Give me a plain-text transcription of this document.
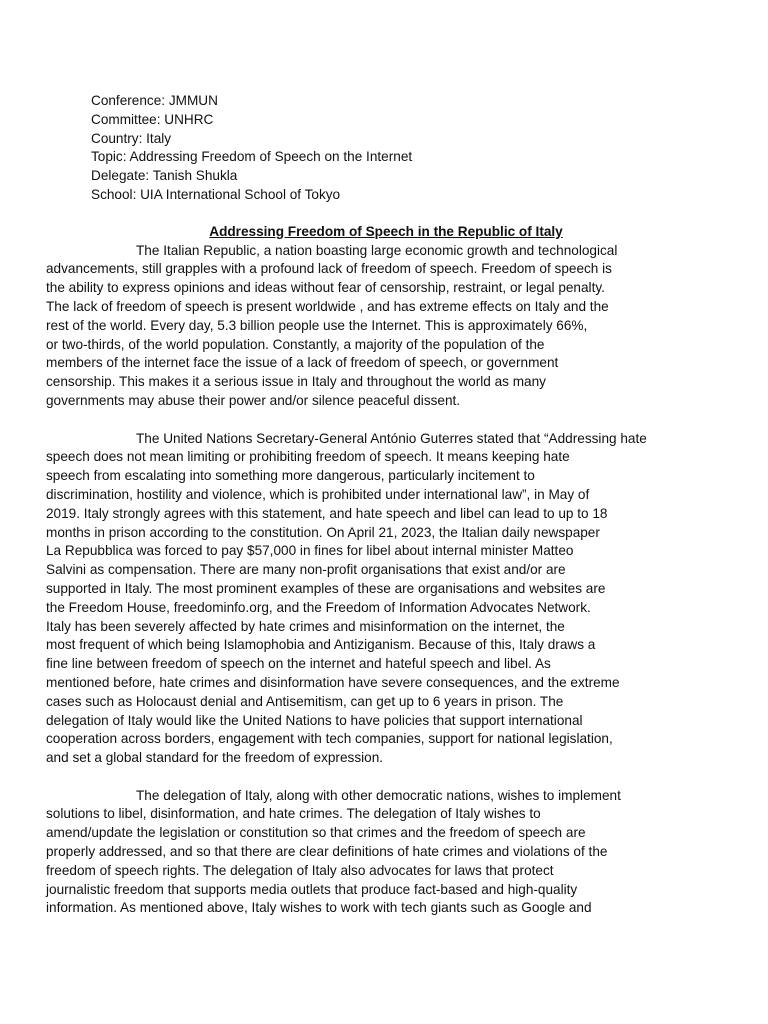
Conference: JMMUN
Committee: UNHRC
Country: Italy
Topic: Addressing Freedom of Speech on the Internet
Delegate: Tanish Shukla
School: UIA International School of Tokyo
Addressing Freedom of Speech in the Republic of Italy

The Italian Republic, a nation boasting large economic growth and technological
advancements, still grapples with a profound lack of freedom of speech. Freedom of speech is
the ability to express opinions and ideas without fear of censorship, restraint, or legal penalty.
The lack of freedom of speech is present worldwide , and has extreme effects on Italy and the
rest of the world. Every day, 5.3 billion people use the Internet. This is approximately 66%,
or two-thirds, of the world population. Constantly, a majority of the population of the
members of the internet face the issue of a lack of freedom of speech, or government
censorship. This makes it a serious issue in Italy and throughout the world as many
governments may abuse their power and/or silence peaceful dissent.

The United Nations Secretary-General António Guterres stated that “Addressing hate
speech does not mean limiting or prohibiting freedom of speech. It means keeping hate
speech from escalating into something more dangerous, particularly incitement to
discrimination, hostility and violence, which is prohibited under international law”, in May of
2019. Italy strongly agrees with this statement, and hate speech and libel can lead to up to 18
months in prison according to the constitution. On April 21, 2023, the Italian daily newspaper
La Repubblica was forced to pay $57,000 in fines for libel about internal minister Matteo
Salvini as compensation. There are many non-profit organisations that exist and/or are
supported in Italy. The most prominent examples of these are organisations and websites are
the Freedom House, freedominfo.org, and the Freedom of Information Advocates Network.
Italy has been severely affected by hate crimes and misinformation on the internet, the
most frequent of which being Islamophobia and Antiziganism. Because of this, Italy draws a
fine line between freedom of speech on the internet and hateful speech and libel. As
mentioned before, hate crimes and disinformation have severe consequences, and the extreme
cases such as Holocaust denial and Antisemitism, can get up to 6 years in prison. The
delegation of Italy would like the United Nations to have policies that support international
cooperation across borders, engagement with tech companies, support for national legislation,
and set a global standard for the freedom of expression.

The delegation of Italy, along with other democratic nations, wishes to implement
solutions to libel, disinformation, and hate crimes. The delegation of Italy wishes to
amend/update the legislation or constitution so that crimes and the freedom of speech are
properly addressed, and so that there are clear definitions of hate crimes and violations of the
freedom of speech rights. The delegation of Italy also advocates for laws that protect
journalistic freedom that supports media outlets that produce fact-based and high-quality
information. As mentioned above, Italy wishes to work with tech giants such as Google and
